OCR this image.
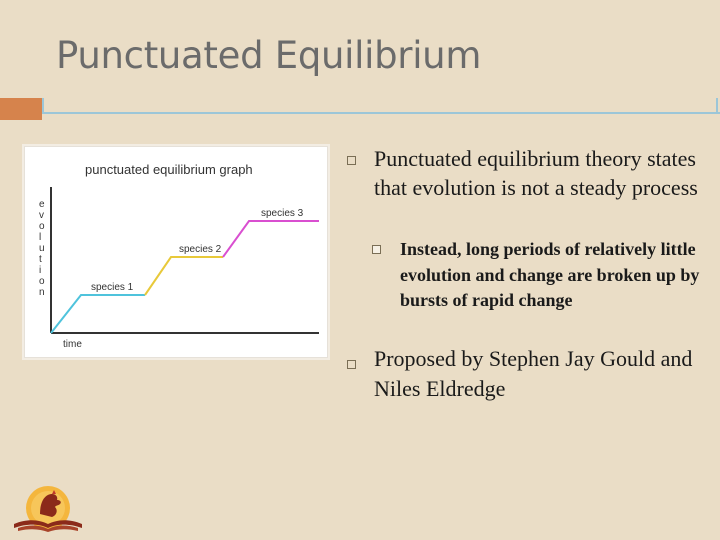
Punctuated Equilibrium
punctuated equilibrium graph
e
v
o
l
u
t
i
o
n
time
species 1
species 2
species 3
Punctuated equilibrium theory states that evolution is not a steady process
Instead, long periods of relatively little evolution and change are broken up by bursts of rapid change
Proposed by Stephen Jay Gould and Niles Eldredge
